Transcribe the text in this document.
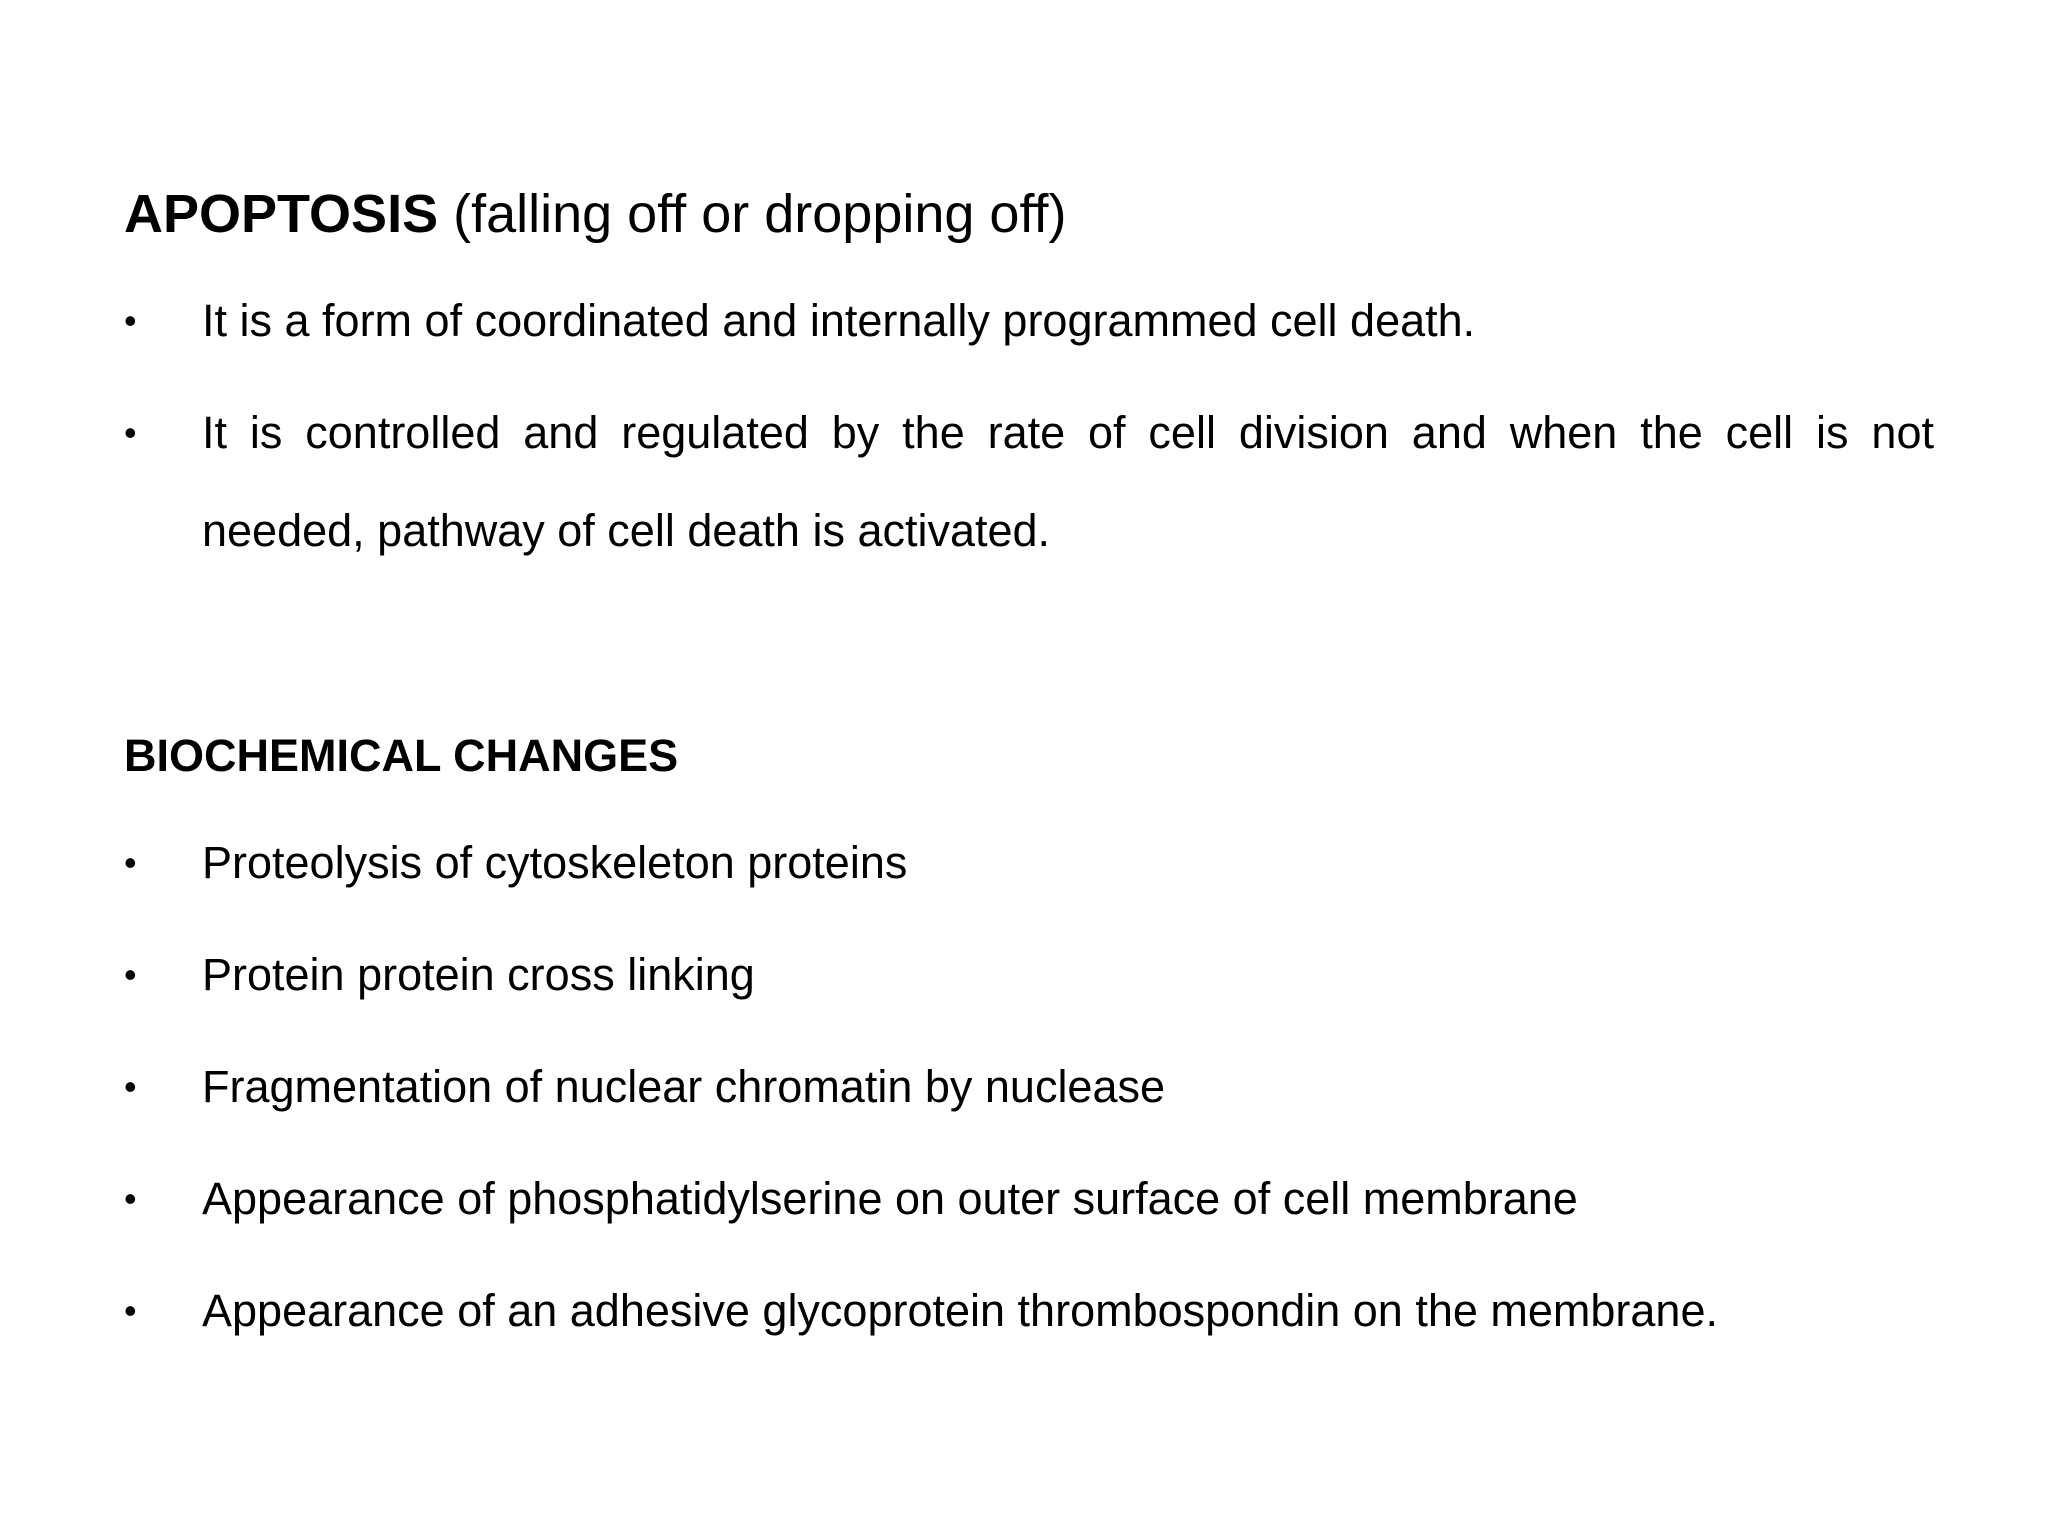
APOPTOSIS (falling off or dropping off)
•	It is a form of coordinated and internally programmed cell death.
•	It is controlled and regulated by the rate of cell division and when the cell is not needed, pathway of cell death is activated.
BIOCHEMICAL CHANGES
•	Proteolysis of cytoskeleton proteins
•	Protein protein cross linking
•	Fragmentation of nuclear chromatin by nuclease
•	Appearance of phosphatidylserine on outer surface of cell membrane
•	Appearance of an adhesive glycoprotein thrombospondin on the membrane.
